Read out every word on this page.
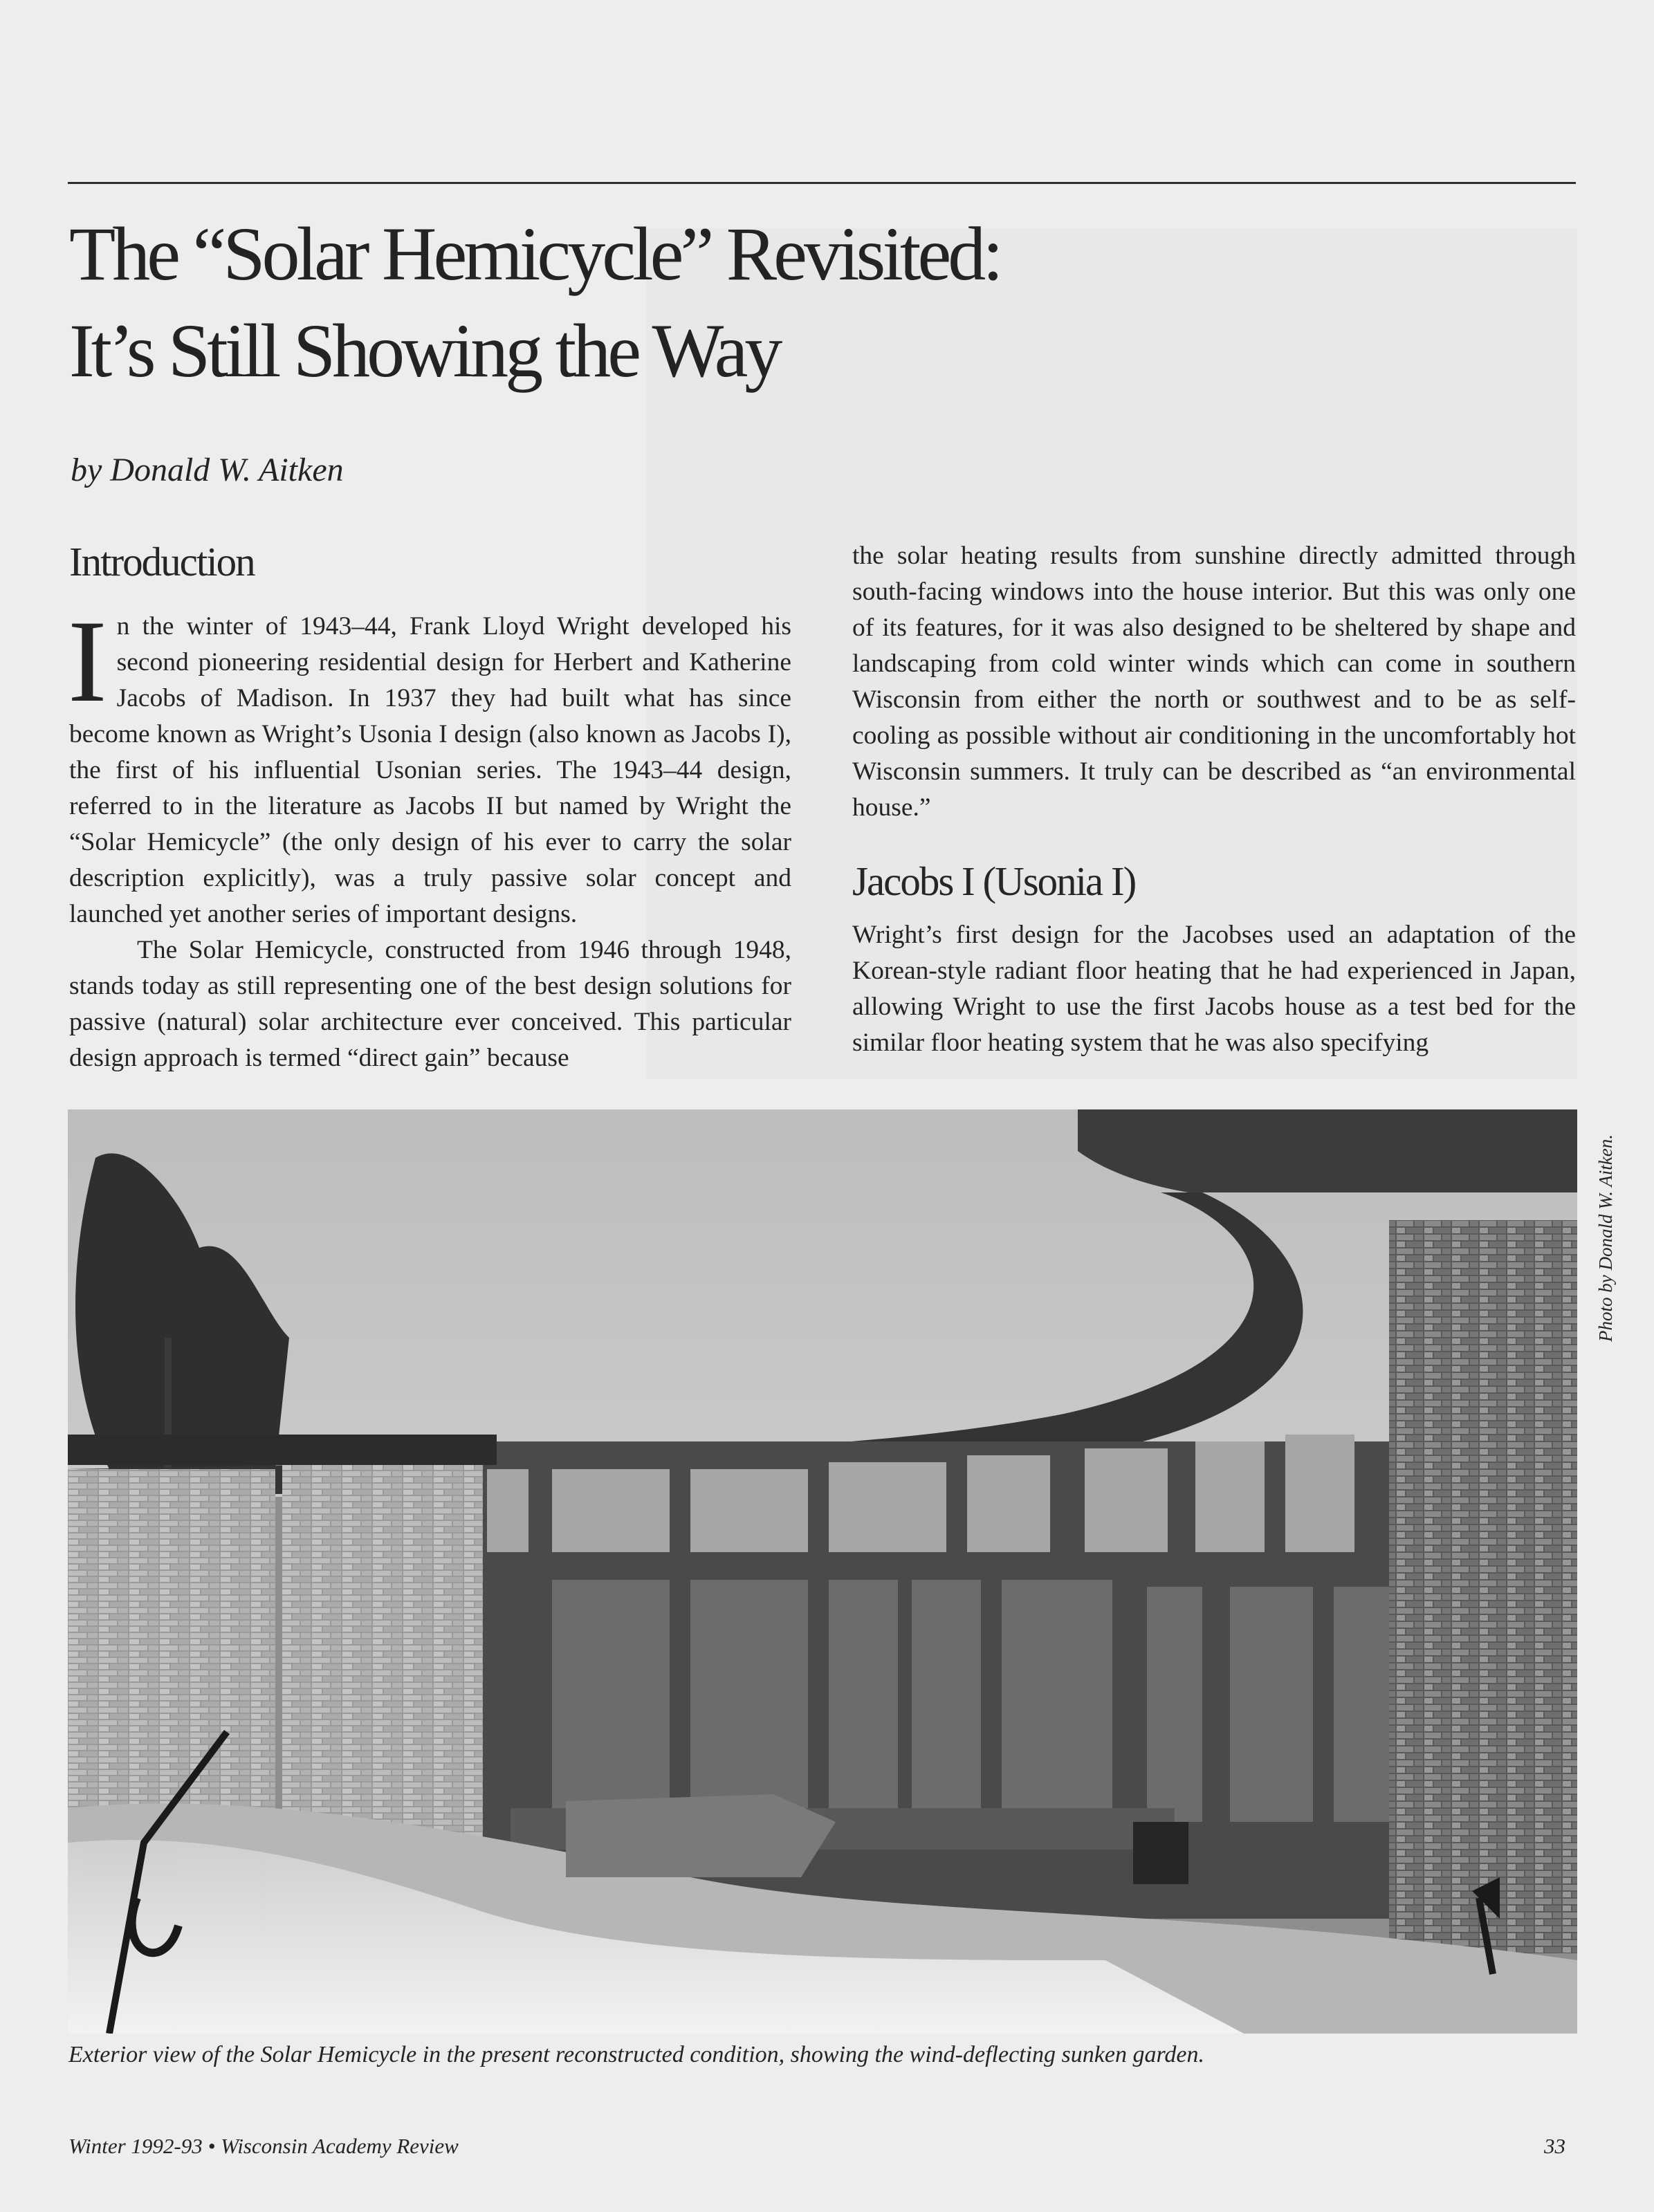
The “Solar Hemicycle” Revisited:
It’s Still Showing the Way
by Donald W. Aitken
Introduction

In the winter of 1943–44, Frank Lloyd Wright developed his second pioneering residential design for Herbert and Katherine Jacobs of Madison. In 1937 they had built what has since become known as Wright’s Usonia I design (also known as Jacobs I), the first of his influential Usonian series. The 1943–44 design, referred to in the literature as Jacobs II but named by Wright the “Solar Hemicycle” (the only design of his ever to carry the solar description explicitly), was a truly passive solar concept and launched yet another series of important designs.

The Solar Hemicycle, constructed from 1946 through 1948, stands today as still representing one of the best design solutions for passive (natural) solar architecture ever conceived. This particular design approach is termed “direct gain” because

the solar heating results from sunshine directly admitted through south-facing windows into the house interior. But this was only one of its features, for it was also designed to be sheltered by shape and landscaping from cold winter winds which can come in southern Wisconsin from either the north or southwest and to be as self-cooling as possible without air conditioning in the uncomfortably hot Wisconsin summers. It truly can be described as “an environmental house.”

Jacobs I (Usonia I)

Wright’s first design for the Jacobses used an adaptation of the Korean-style radiant floor heating that he had experienced in Japan, allowing Wright to use the first Jacobs house as a test bed for the similar floor heating system that he was also specifying

Photo by Donald W. Aitken.
Exterior view of the Solar Hemicycle in the present reconstructed condition, showing the wind-deflecting sunken garden.
Winter 1992-93 • Wisconsin Academy Review	33
